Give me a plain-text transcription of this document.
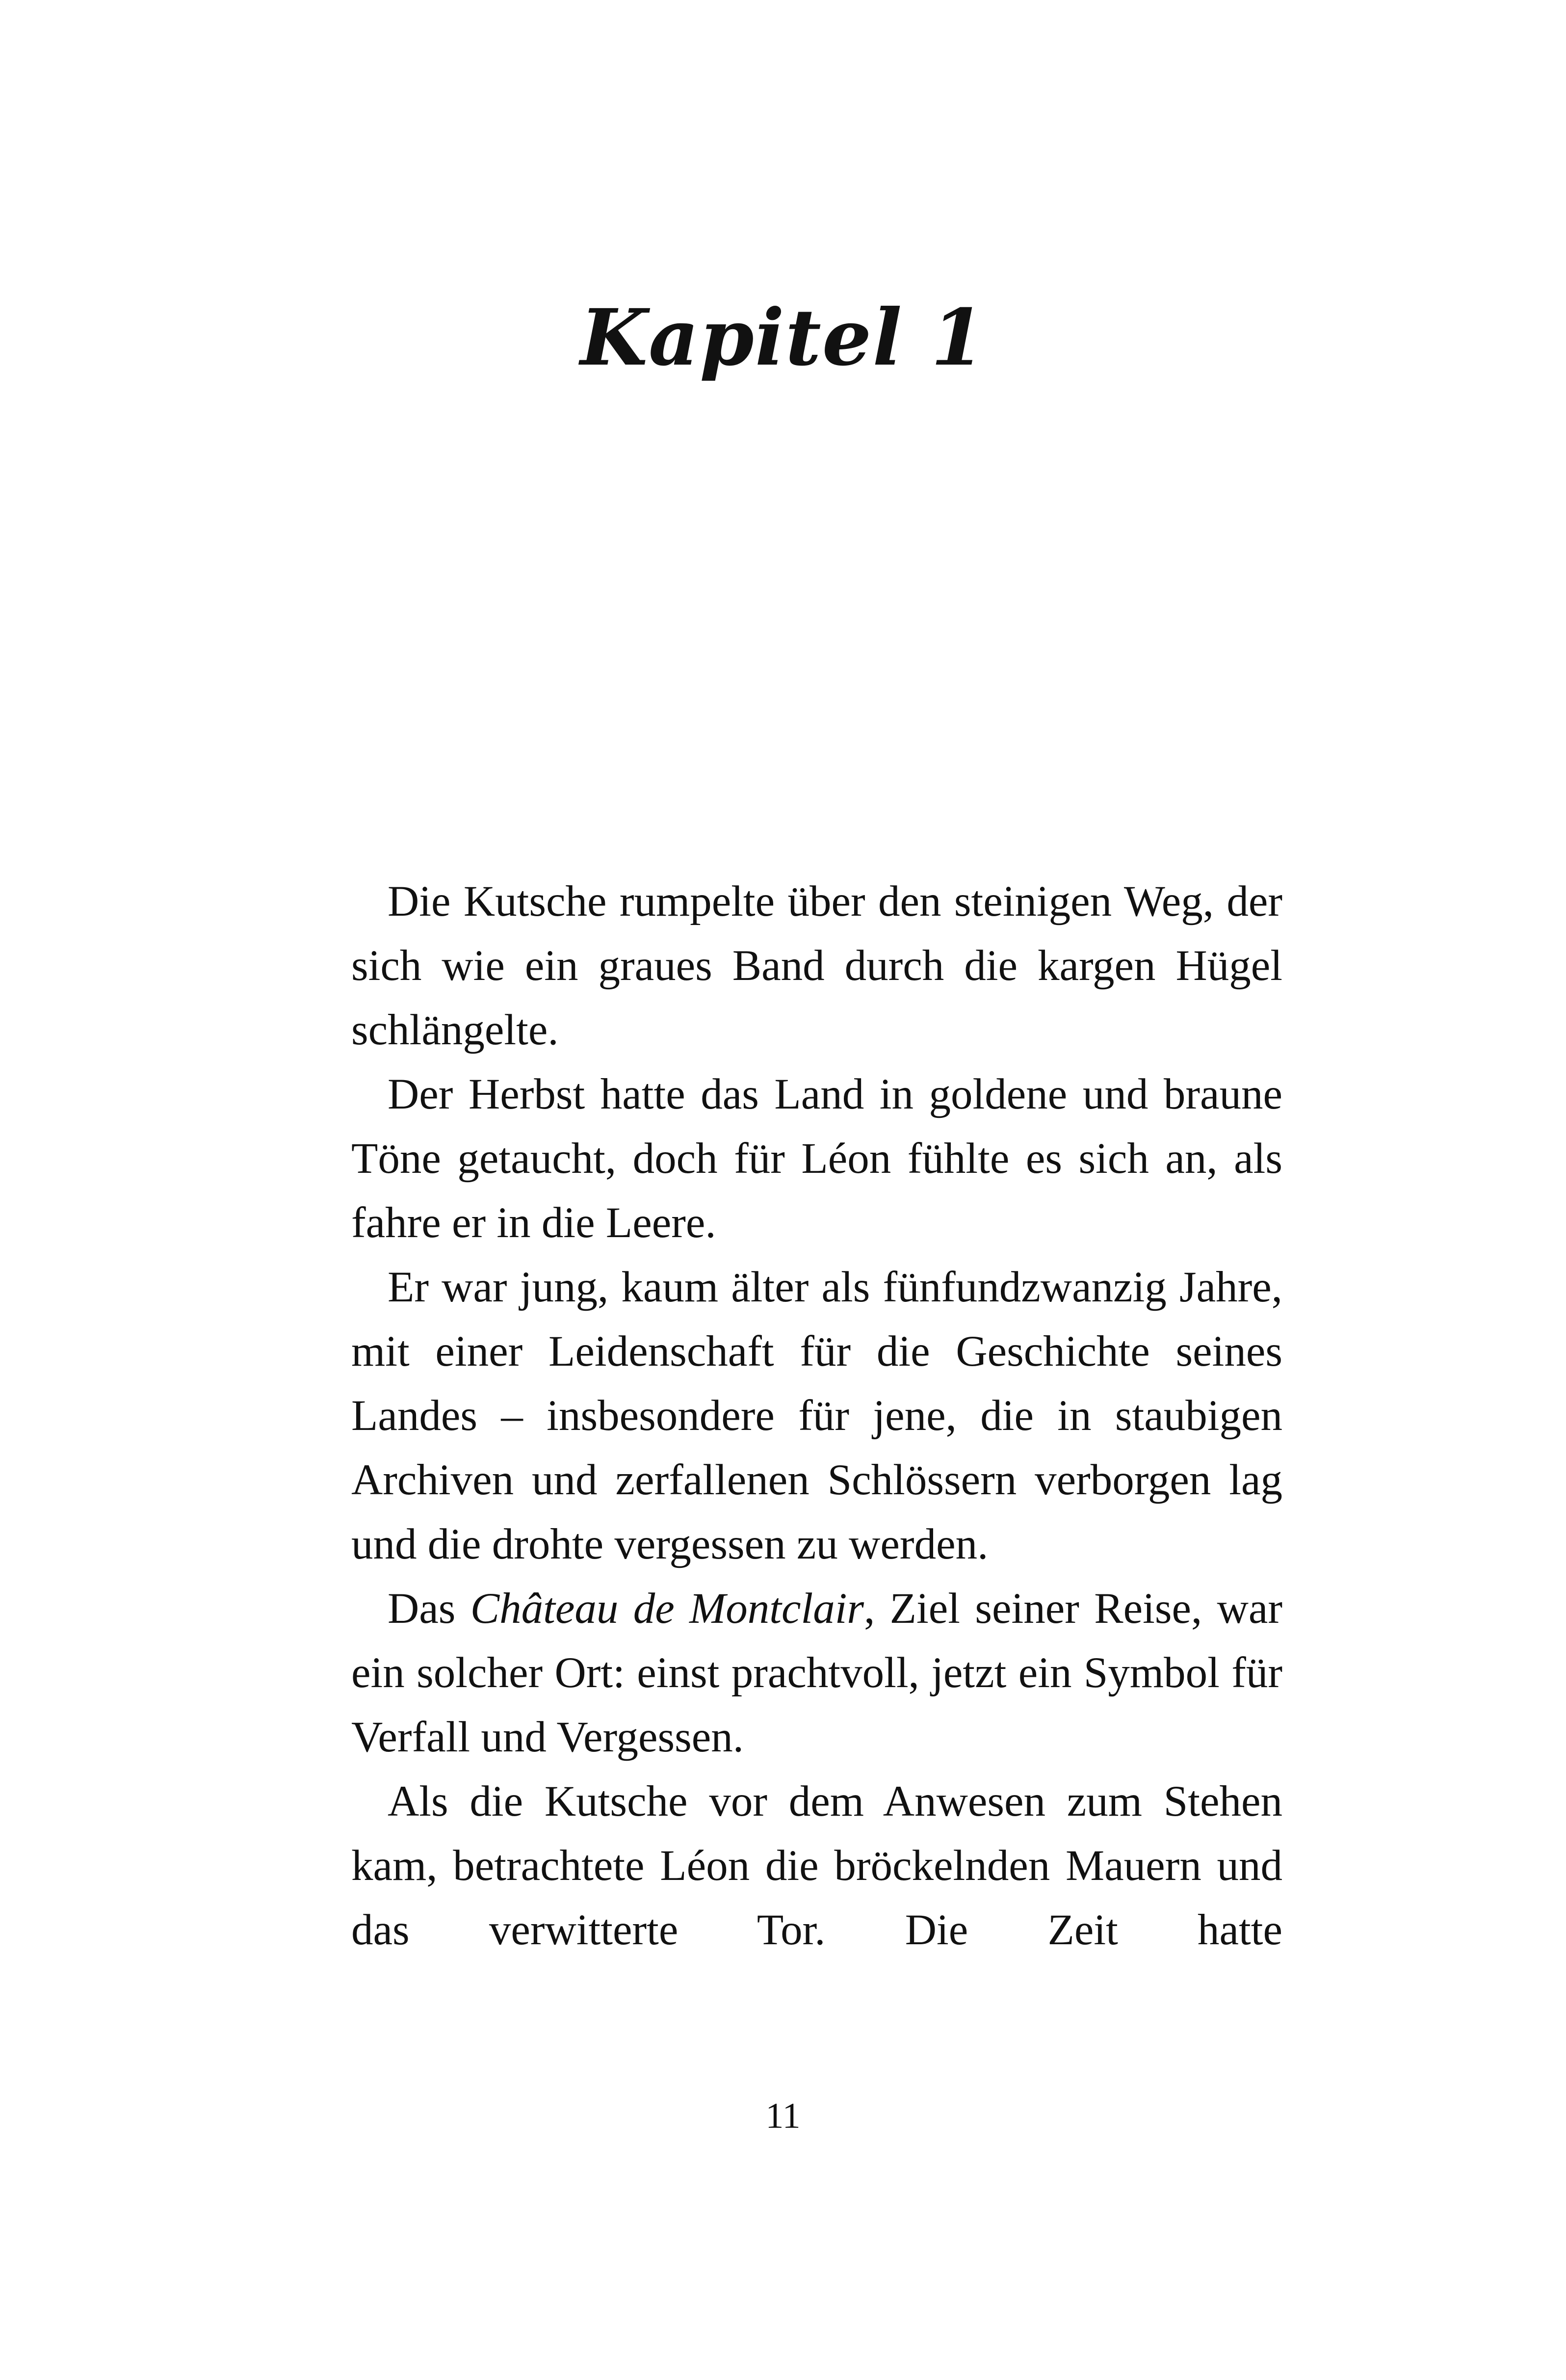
Kapitel 1

Die Kutsche rumpelte über den steinigen Weg, der sich wie ein graues Band durch die kargen Hügel schlängelte.

Der Herbst hatte das Land in goldene und braune Töne getaucht, doch für Léon fühlte es sich an, als fahre er in die Leere.

Er war jung, kaum älter als fünfundzwanzig Jahre, mit einer Leidenschaft für die Geschichte seines Landes – insbesondere für jene, die in staubigen Archiven und zerfallenen Schlössern verborgen lag und die drohte vergessen zu werden.

Das Château de Montclair, Ziel seiner Reise, war ein solcher Ort: einst prachtvoll, jetzt ein Symbol für Verfall und Vergessen.

Als die Kutsche vor dem Anwesen zum Stehen kam, betrachtete Léon die bröckelnden Mauern und das verwitterte Tor. Die Zeit hatte

11
